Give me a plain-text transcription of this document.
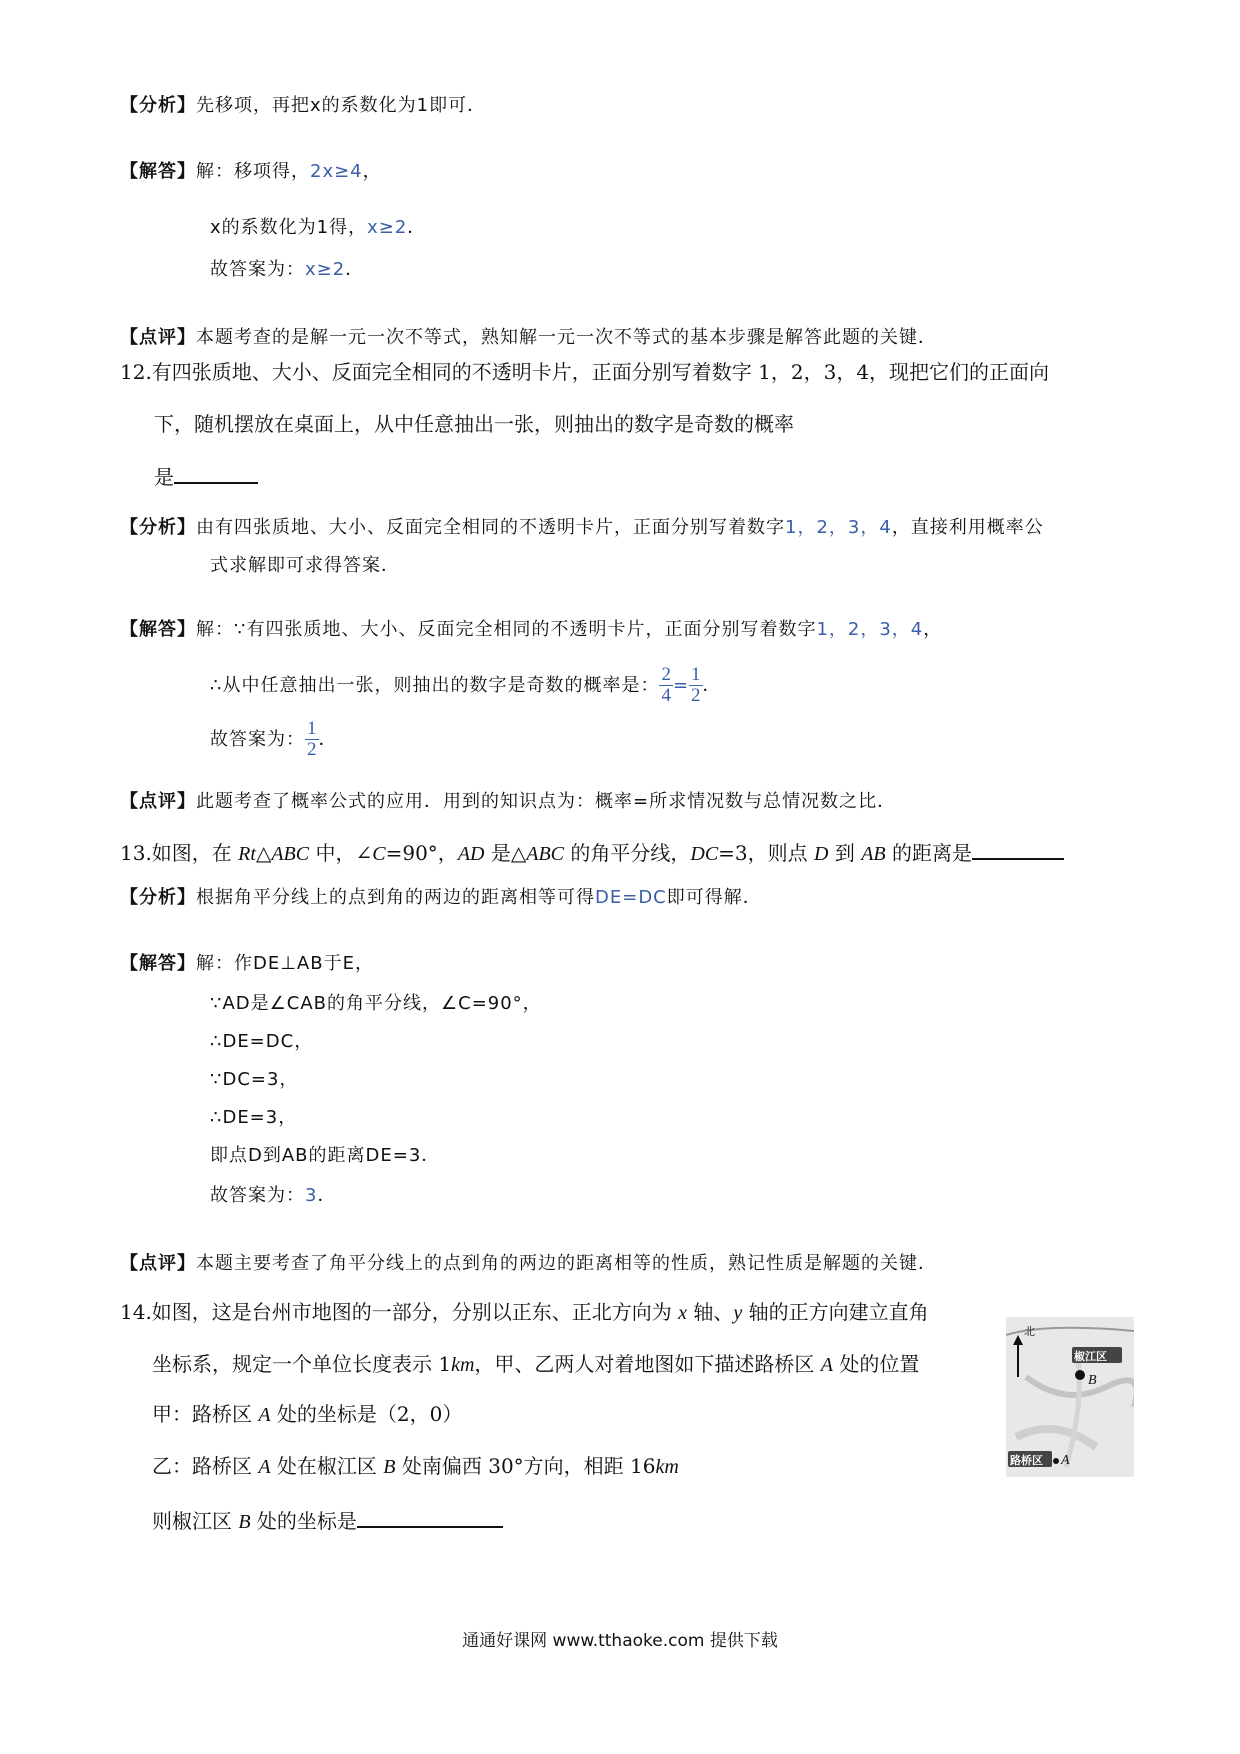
【分析】先移项，再把x的系数化为1即可．
【解答】解：移项得，2x≥4，
x的系数化为1得，x≥2．
故答案为：x≥2．
【点评】本题考查的是解一元一次不等式，熟知解一元一次不等式的基本步骤是解答此题的关键．
12.有四张质地、大小、反面完全相同的不透明卡片，正面分别写着数字 1，2，3，4，现把它们的正面向
下，随机摆放在桌面上，从中任意抽出一张，则抽出的数字是奇数的概率
是
【分析】由有四张质地、大小、反面完全相同的不透明卡片，正面分别写着数字1，2，3，4，直接利用概率公
式求解即可求得答案．
【解答】解：∵有四张质地、大小、反面完全相同的不透明卡片，正面分别写着数字1，2，3，4，
∴从中任意抽出一张，则抽出的数字是奇数的概率是： $\frac{2}{4} = \frac{1}{2}$ ．
故答案为： $\frac{1}{2}$ ．
【点评】此题考查了概率公式的应用．用到的知识点为：概率=所求情况数与总情况数之比．
13.如图，在 Rt△ABC 中，∠C=90°，AD 是△ABC 的角平分线，DC=3，则点 D 到 AB 的距离是
【分析】根据角平分线上的点到角的两边的距离相等可得DE=DC即可得解．
【解答】解：作DE⊥AB于E，
∵AD是∠CAB的角平分线，∠C=90°，
∴DE=DC，
∵DC=3，
∴DE=3，
即点D到AB的距离DE=3．
故答案为：3．
【点评】本题主要考查了角平分线上的点到角的两边的距离相等的性质，熟记性质是解题的关键．
14.如图，这是台州市地图的一部分，分别以正东、正北方向为 x 轴、y 轴的正方向建立直角
坐标系，规定一个单位长度表示 1km，甲、乙两人对着地图如下描述路桥区 A 处的位置
甲：路桥区 A 处的坐标是（2，0）
乙：路桥区 A 处在椒江区 B 处南偏西 30°方向，相距 16km
则椒江区 B 处的坐标是
北
椒江区
B
路桥区 A
通通好课网 www.tthaoke.com 提供下载
